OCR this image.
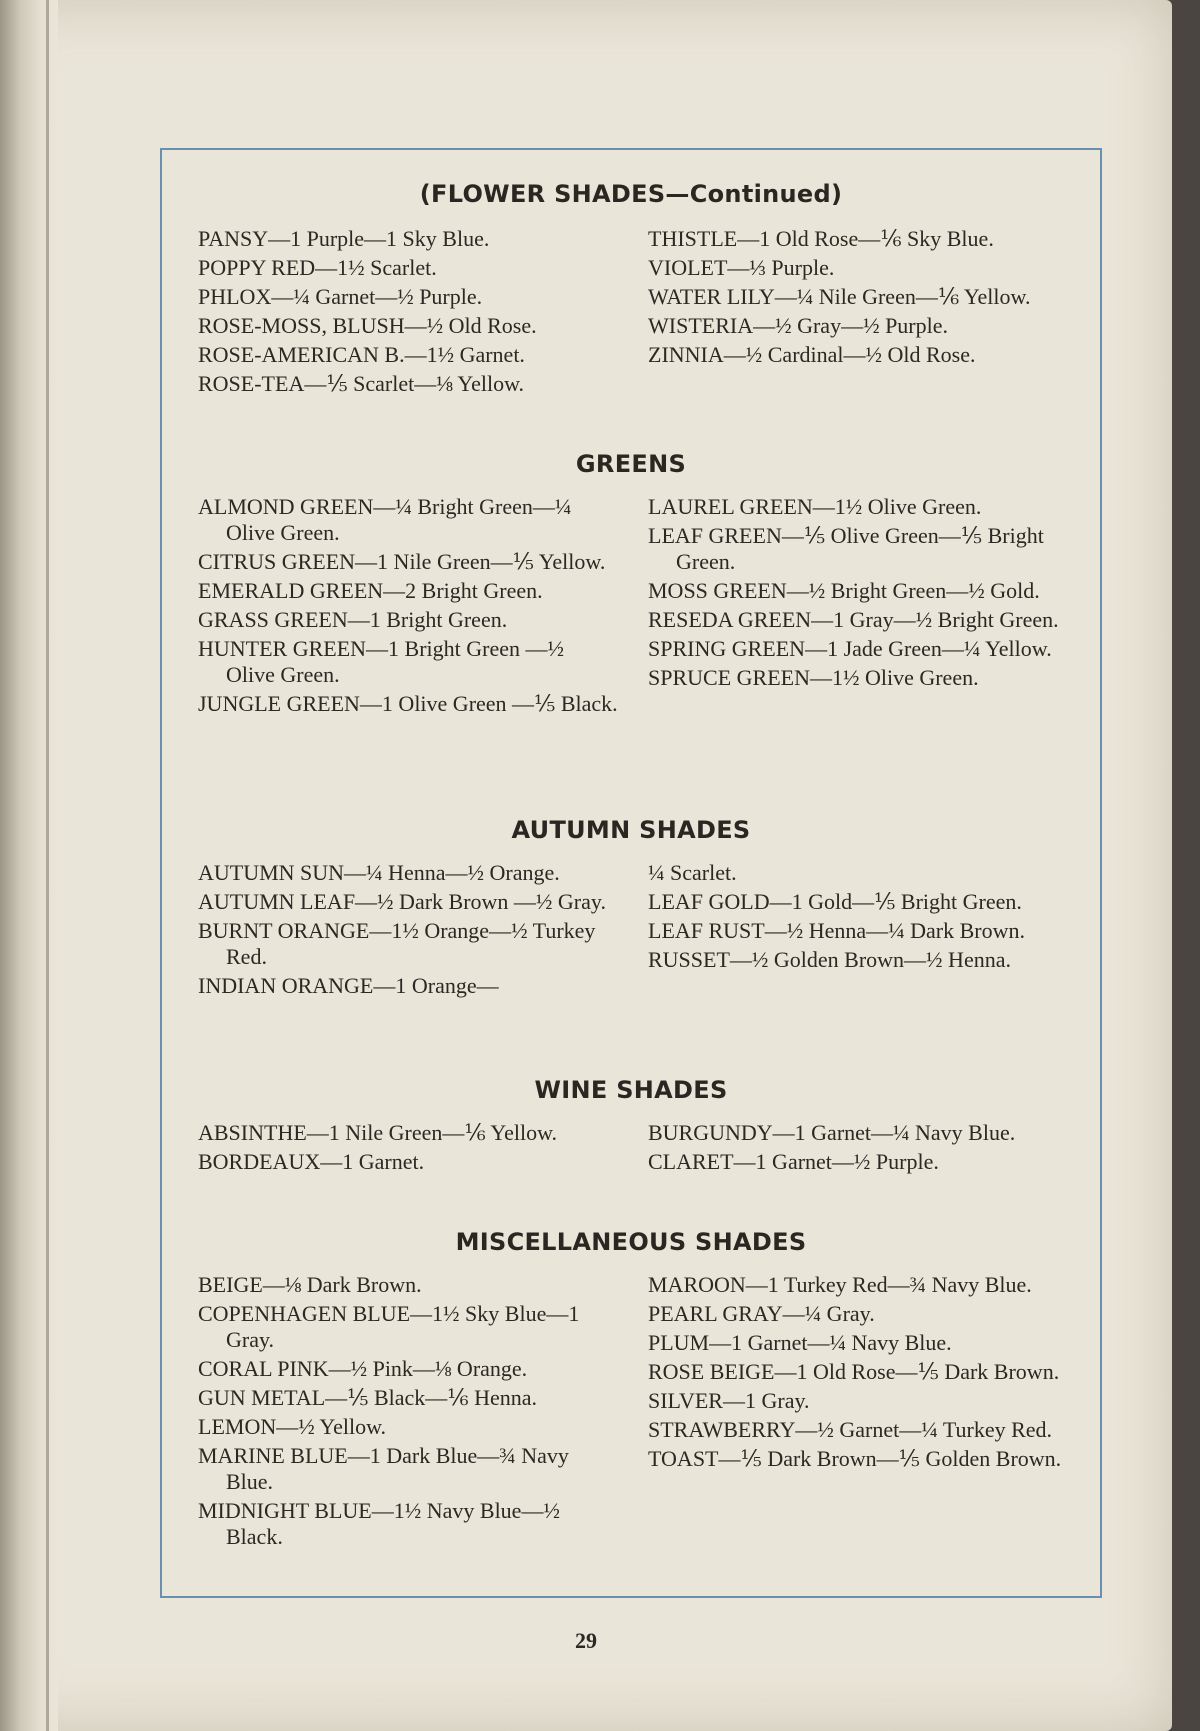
(FLOWER SHADES—Continued)
PANSY—1 Purple—1 Sky Blue.
POPPY RED—1½ Scarlet.
PHLOX—¼ Garnet—½ Purple.
ROSE-MOSS, BLUSH—½ Old Rose.
ROSE-AMERICAN B.—1½ Garnet.
ROSE-TEA—⅕ Scarlet—⅛ Yellow.
THISTLE—1 Old Rose—⅙ Sky Blue.
VIOLET—⅓ Purple.
WATER LILY—¼ Nile Green—⅙ Yellow.
WISTERIA—½ Gray—½ Purple.
ZINNIA—½ Cardinal—½ Old Rose.
GREENS
ALMOND GREEN—¼ Bright Green—¼ Olive Green.
CITRUS GREEN—1 Nile Green—⅕ Yellow.
EMERALD GREEN—2 Bright Green.
GRASS GREEN—1 Bright Green.
HUNTER GREEN—1 Bright Green —½ Olive Green.
JUNGLE GREEN—1 Olive Green —⅕ Black.
LAUREL GREEN—1½ Olive Green.
LEAF GREEN—⅕ Olive Green—⅕ Bright Green.
MOSS GREEN—½ Bright Green—½ Gold.
RESEDA GREEN—1 Gray—½ Bright Green.
SPRING GREEN—1 Jade Green—¼ Yellow.
SPRUCE GREEN—1½ Olive Green.
AUTUMN SHADES
AUTUMN SUN—¼ Henna—½ Orange.
AUTUMN LEAF—½ Dark Brown —½ Gray.
BURNT ORANGE—1½ Orange—½ Turkey Red.
INDIAN ORANGE—1 Orange—
¼ Scarlet.
LEAF GOLD—1 Gold—⅕ Bright Green.
LEAF RUST—½ Henna—¼ Dark Brown.
RUSSET—½ Golden Brown—½ Henna.
WINE SHADES
ABSINTHE—1 Nile Green—⅙ Yellow.
BORDEAUX—1 Garnet.
BURGUNDY—1 Garnet—¼ Navy Blue.
CLARET—1 Garnet—½ Purple.
MISCELLANEOUS SHADES
BEIGE—⅛ Dark Brown.
COPENHAGEN BLUE—1½ Sky Blue—1 Gray.
CORAL PINK—½ Pink—⅛ Orange.
GUN METAL—⅕ Black—⅙ Henna.
LEMON—½ Yellow.
MARINE BLUE—1 Dark Blue—¾ Navy Blue.
MIDNIGHT BLUE—1½ Navy Blue—½ Black.
MAROON—1 Turkey Red—¾ Navy Blue.
PEARL GRAY—¼ Gray.
PLUM—1 Garnet—¼ Navy Blue.
ROSE BEIGE—1 Old Rose—⅕ Dark Brown.
SILVER—1 Gray.
STRAWBERRY—½ Garnet—¼ Turkey Red.
TOAST—⅕ Dark Brown—⅕ Golden Brown.
29
